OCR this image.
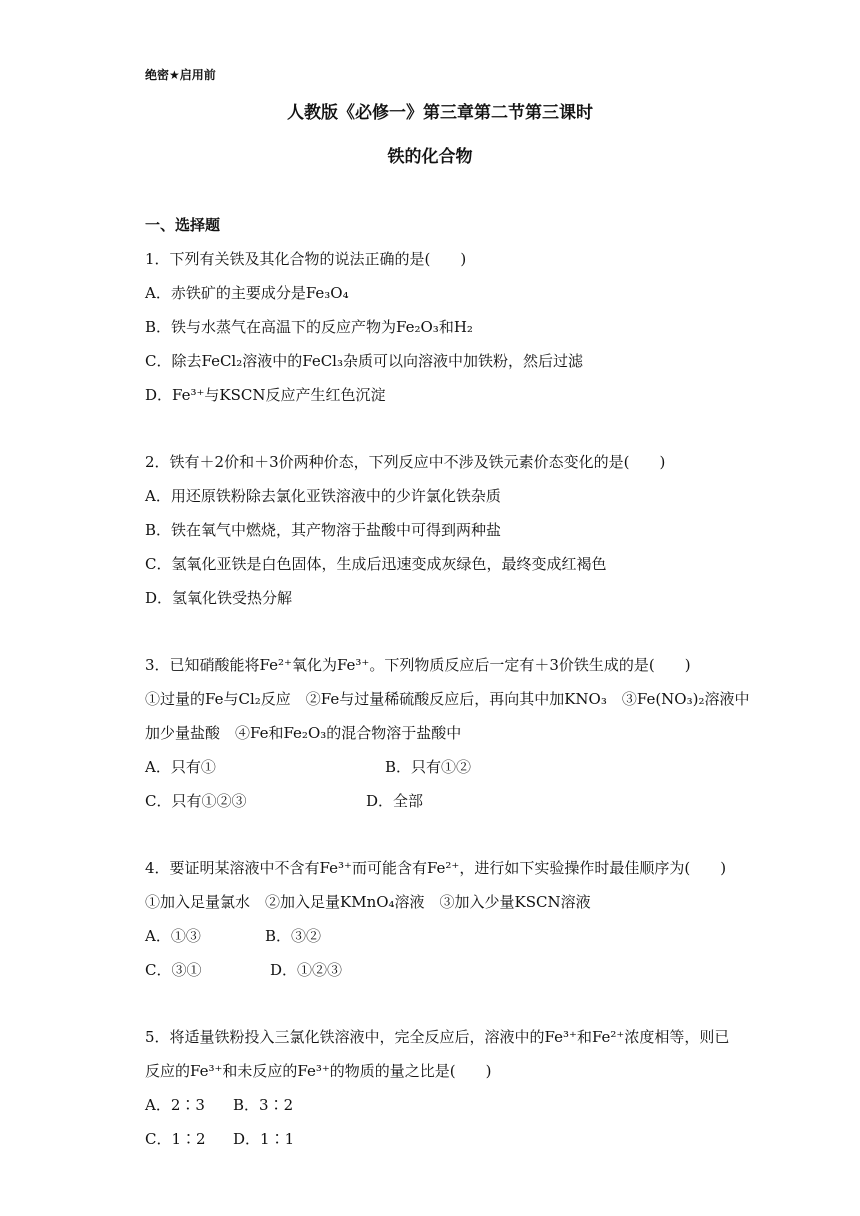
绝密★启用前
人教版《必修一》第三章第二节第三课时
铁的化合物
一、选择题
1．下列有关铁及其化合物的说法正确的是(　　)
A．赤铁矿的主要成分是Fe₃O₄
B．铁与水蒸气在高温下的反应产物为Fe₂O₃和H₂
C．除去FeCl₂溶液中的FeCl₃杂质可以向溶液中加铁粉，然后过滤
D．Fe³⁺与KSCN反应产生红色沉淀
2．铁有＋2价和＋3价两种价态，下列反应中不涉及铁元素价态变化的是(　　)
A．用还原铁粉除去氯化亚铁溶液中的少许氯化铁杂质
B．铁在氧气中燃烧，其产物溶于盐酸中可得到两种盐
C．氢氧化亚铁是白色固体，生成后迅速变成灰绿色，最终变成红褐色
D．氢氧化铁受热分解
3．已知硝酸能将Fe²⁺氧化为Fe³⁺。下列物质反应后一定有＋3价铁生成的是(　　)
①过量的Fe与Cl₂反应　②Fe与过量稀硫酸反应后，再向其中加KNO₃　③Fe(NO₃)₂溶液中
加少量盐酸　④Fe和Fe₂O₃的混合物溶于盐酸中
A．只有①	B．只有①②
C．只有①②③	D．全部
4．要证明某溶液中不含有Fe³⁺而可能含有Fe²⁺，进行如下实验操作时最佳顺序为(　　)
①加入足量氯水　②加入足量KMnO₄溶液　③加入少量KSCN溶液
A．①③	B．③②
C．③①	D．①②③
5．将适量铁粉投入三氯化铁溶液中，完全反应后，溶液中的Fe³⁺和Fe²⁺浓度相等，则已
反应的Fe³⁺和未反应的Fe³⁺的物质的量之比是(　　)
A．2∶3 B．3∶2
C．1∶2 D．1∶1
